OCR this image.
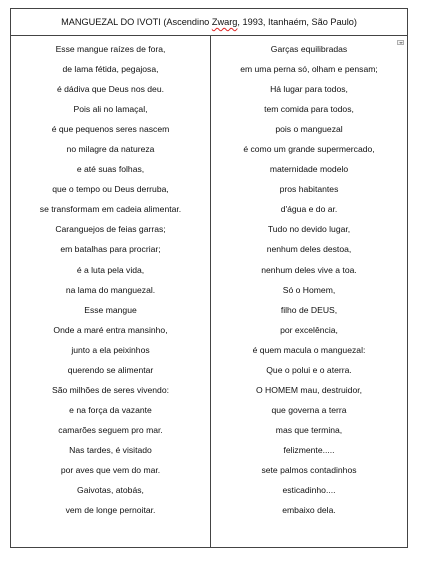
MANGUEZAL DO IVOTI (Ascendino Zwarg, 1993, Itanhaém, São Paulo)
Esse mangue raízes de fora,
de lama fétida, pegajosa,
é dádiva que Deus nos deu.
Pois ali no lamaçal,
é que pequenos seres nascem
no milagre da natureza
e até suas folhas,
que o tempo ou Deus derruba,
se transformam em cadeia alimentar.
Caranguejos de feias garras;
em batalhas para procriar;
é a luta pela vida,
na lama do manguezal.
Esse mangue
Onde a maré entra mansinho,
junto a ela peixinhos
querendo se alimentar
São milhões de seres vivendo:
e na força da vazante
camarões seguem pro mar.
Nas tardes, é visitado
por aves que vem do mar.
Gaivotas, atobás,
vem de longe pernoitar.
Garças equilibradas
em uma perna só, olham e pensam;
Há lugar para todos,
tem comida para todos,
pois o manguezal
é como um grande supermercado,
maternidade modelo
pros habitantes
d'água e do ar.
Tudo no devido lugar,
nenhum deles destoa,
nenhum deles vive a toa.
Só o Homem,
filho de DEUS,
por excelência,
é quem macula o manguezal:
Que o polui e o aterra.
O HOMEM mau, destruidor,
que governa a terra
mas que termina,
felizmente.....
sete palmos contadinhos
esticadinho....
embaixo dela.
